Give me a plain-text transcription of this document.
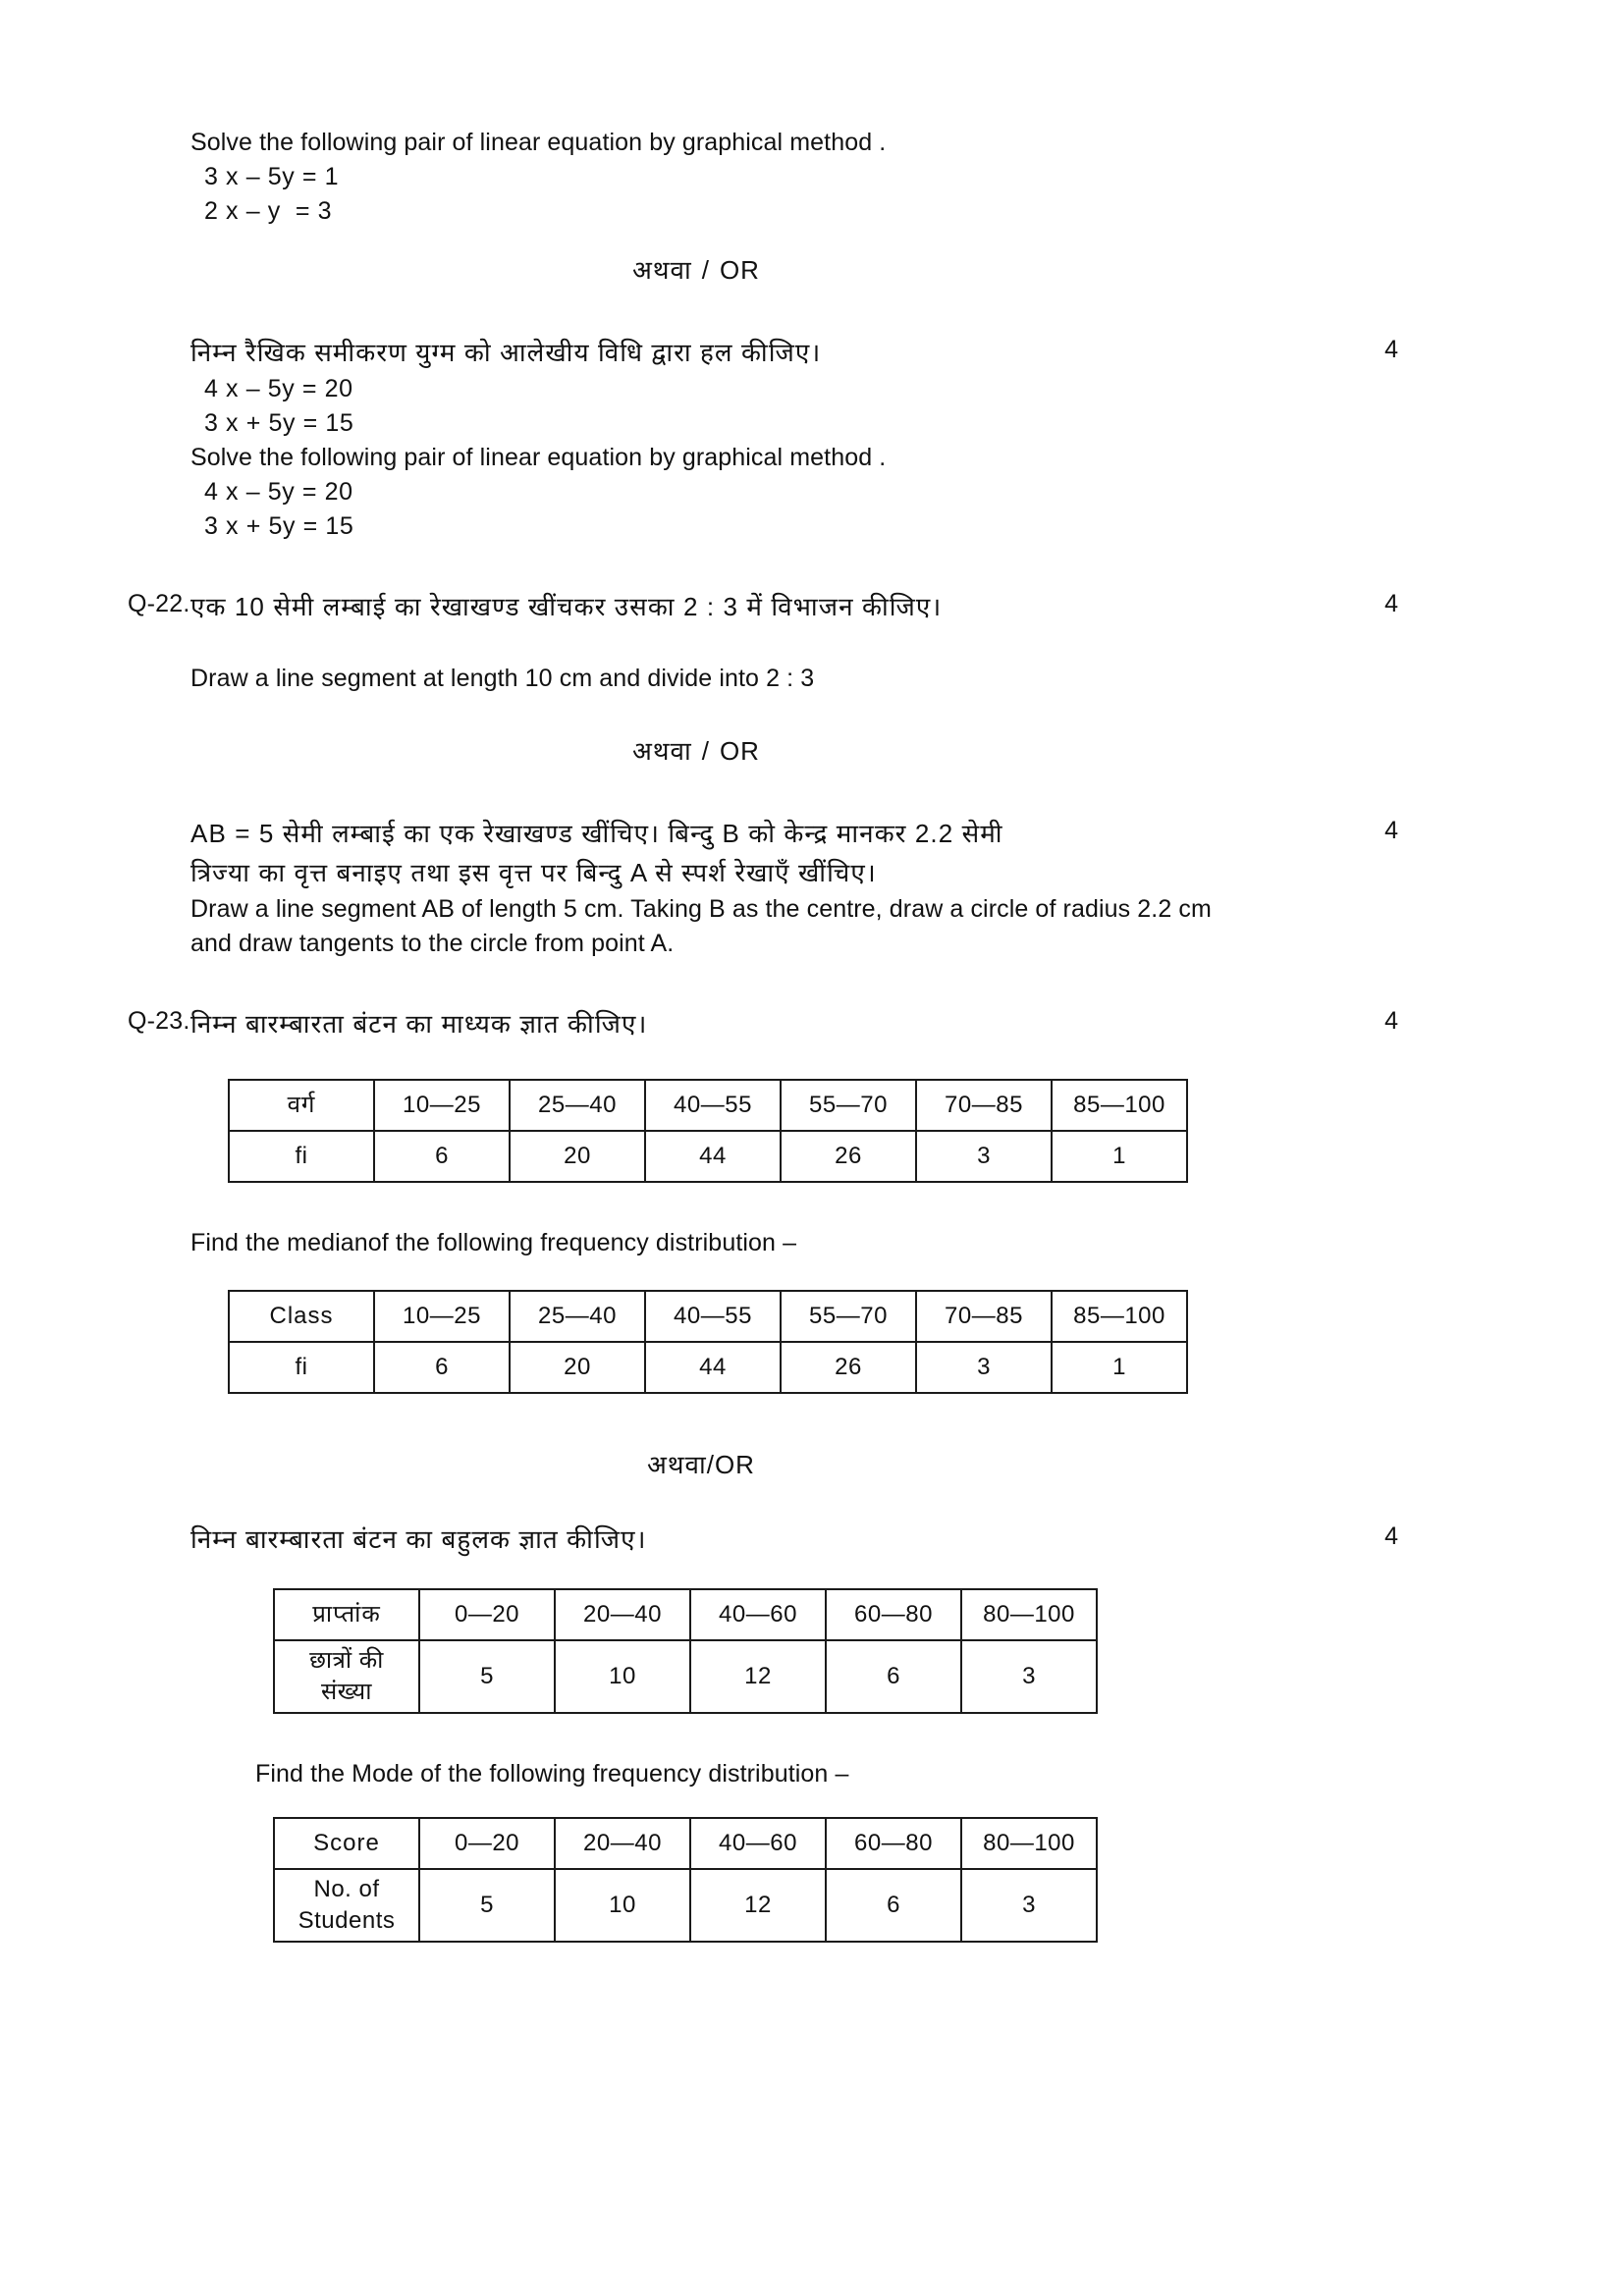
Solve the following pair of linear equation by graphical method .
3 x – 5y = 1
2 x – y  = 3
अथवा / OR
निम्न रैखिक समीकरण युग्म को आलेखीय विधि द्वारा हल कीजिए।	4
4 x – 5y = 20
3 x + 5y = 15
Solve the following pair of linear equation by graphical method .
4 x – 5y = 20
3 x + 5y = 15
Q-22. एक 10 सेमी लम्बाई का रेखाखण्ड खींचकर उसका 2 : 3 में विभाजन कीजिए।	4
Draw a line segment at length 10 cm and divide into 2 : 3
अथवा / OR
AB = 5 सेमी लम्बाई का एक रेखाखण्ड खींचिए। बिन्दु B को केन्द्र मानकर 2.2 सेमी
त्रिज्या का वृत्त बनाइए तथा इस वृत्त पर बिन्दु A से स्पर्श रेखाएँ खींचिए।
4
Draw a line segment AB of length 5 cm. Taking B as the centre, draw a circle of radius 2.2 cm
and draw tangents to the circle from point A.
Q-23. निम्न बारम्बारता बंटन का माध्यक ज्ञात कीजिए।	4
वर्ग	10—25	25—40	40—55	55—70	70—85	85—100
fi	6	20	44	26	3	1
Find the medianof the following frequency distribution –
Class	10—25	25—40	40—55	55—70	70—85	85—100
fi	6	20	44	26	3	1
अथवा/OR
निम्न बारम्बारता बंटन का बहुलक ज्ञात कीजिए।	4
प्राप्तांक	0—20	20—40	40—60	60—80	80—100

छात्रों की
संख्या	5	10	12	6	3
Find the Mode of the following frequency distribution –
Score	0—20	20—40	40—60	60—80	80—100

No. of
Students	5	10	12	6	3
